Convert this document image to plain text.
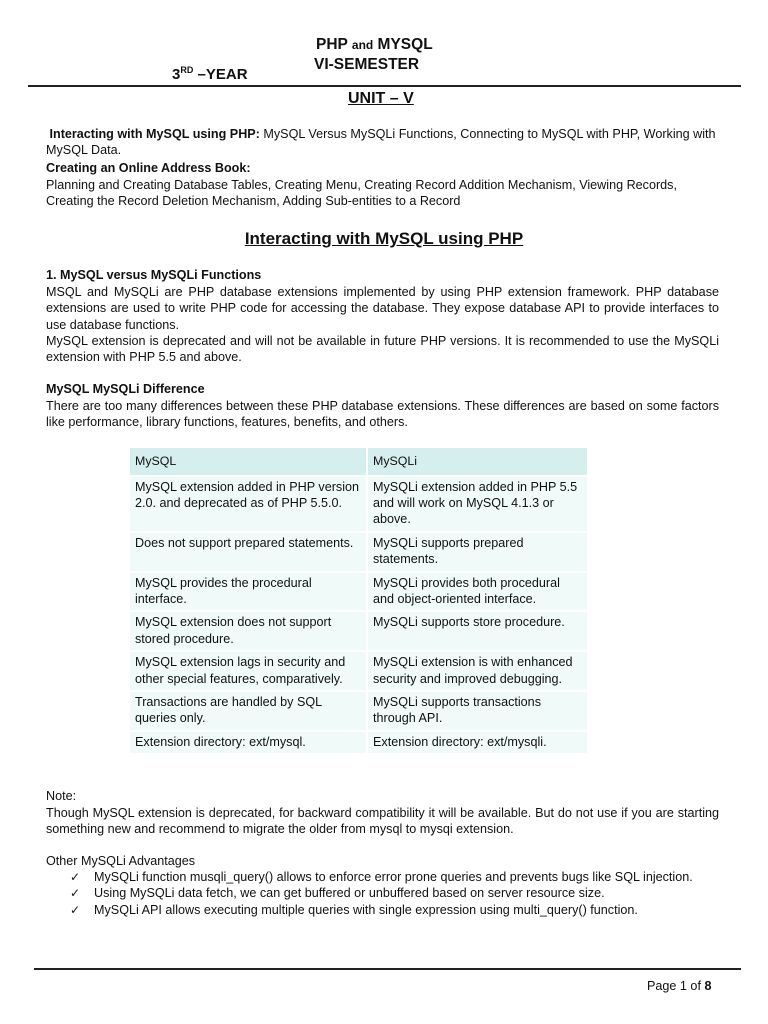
PHP and MYSQL
3RD –YEAR
VI-SEMESTER
UNIT – V
Interacting with MySQL using PHP: MySQL Versus MySQLi Functions, Connecting to MySQL with PHP, Working with MySQL Data.
Creating an Online Address Book:
Planning and Creating Database Tables, Creating Menu, Creating Record Addition Mechanism, Viewing Records, Creating the Record Deletion Mechanism, Adding Sub-entities to a Record
Interacting with MySQL using PHP
1. MySQL versus MySQLi Functions
MSQL and MySQLi are PHP database extensions implemented by using PHP extension framework. PHP database extensions are used to write PHP code for accessing the database. They expose database API to provide interfaces to use database functions.
MySQL extension is deprecated and will not be available in future PHP versions. It is recommended to use the MySQLi extension with PHP 5.5 and above.
MySQL MySQLi Difference
There are too many differences between these PHP database extensions. These differences are based on some factors like performance, library functions, features, benefits, and others.
MySQL	MySQLi
MySQL extension added in PHP version 2.0. and deprecated as of PHP 5.5.0.	MySQLi extension added in PHP 5.5 and will work on MySQL 4.1.3 or above.
Does not support prepared statements.	MySQLi supports prepared statements.
MySQL provides the procedural interface.	MySQLi provides both procedural and object-oriented interface.
MySQL extension does not support stored procedure.	MySQLi supports store procedure.
MySQL extension lags in security and other special features, comparatively.	MySQLi extension is with enhanced security and improved debugging.
Transactions are handled by SQL queries only.	MySQLi supports transactions through API.
Extension directory: ext/mysql.	Extension directory: ext/mysqli.
Note:
Though MySQL extension is deprecated, for backward compatibility it will be available. But do not use if you are starting something new and recommend to migrate the older from mysql to mysqi extension.
Other MySQLi Advantages
✓ MySQLi function musqli_query() allows to enforce error prone queries and prevents bugs like SQL injection.
✓ Using MySQLi data fetch, we can get buffered or unbuffered based on server resource size.
✓ MySQLi API allows executing multiple queries with single expression using multi_query() function.
Page 1 of 8
